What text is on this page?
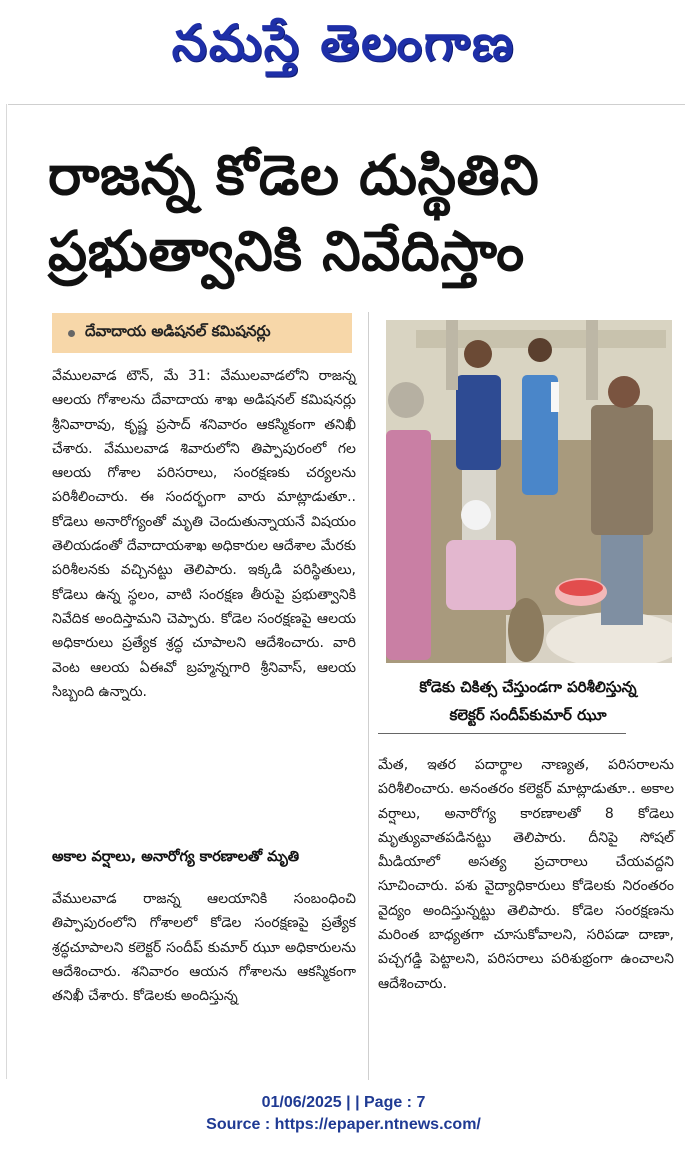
నమస్తే తెలంగాణ
రాజన్న కోడెల దుస్థితిని
ప్రభుత్వానికి నివేదిస్తాం
దేవాదాయ అడిషనల్ కమిషనర్లు

వేములవాడ టౌన్, మే 31: వేములవాడలోని రాజన్న ఆలయ గోశాలను దేవాదాయ శాఖ అడిషనల్ కమిషనర్లు శ్రీనివారావు, కృష్ణ ప్రసాద్ శనివారం ఆకస్మికంగా తనిఖీ చేశారు. వేములవాడ శివారులోని తిప్పాపురంలో గల ఆలయ గోశాల పరిసరాలు, సంరక్షణకు చర్యలను పరిశీలించారు. ఈ సందర్భంగా వారు మాట్లాడుతూ.. కోడెలు అనారోగ్యంతో మృతి చెందుతున్నాయనే విషయం తెలియడంతో దేవాదాయశాఖ అధికారుల ఆదేశాల మేరకు పరిశీలనకు వచ్చినట్టు తెలిపారు. ఇక్కడి పరిస్థితులు, కోడెలు ఉన్న స్థలం, వాటి సంరక్షణ తీరుపై ప్రభుత్వానికి నివేదిక అందిస్తామని చెప్పారు. కోడెల సంరక్షణపై ఆలయ అధికారులు ప్రత్యేక శ్రద్ధ చూపాలని ఆదేశించారు. వారి వెంట ఆలయ ఏఈవో బ్రహ్మన్నగారి శ్రీనివాస్, ఆలయ సిబ్బంది ఉన్నారు.

అకాల వర్షాలు, అనారోగ్య కారణాలతో మృతి

వేములవాడ రాజన్న ఆలయానికి సంబంధించి తిప్పాపురంలోని గోశాలలో కోడెల సంరక్షణపై ప్రత్యేక శ్రద్ధచూపాలని కలెక్టర్ సందీప్ కుమార్ ఝూ అధికారులను ఆదేశించారు. శనివారం ఆయన గోశాలను ఆకస్మికంగా తనిఖీ చేశారు. కోడెలకు అందిస్తున్న

కోడెకు చికిత్స చేస్తుండగా పరిశీలిస్తున్న
కలెక్టర్ సందీప్‌కుమార్ ఝూ

మేత, ఇతర పదార్థాల నాణ్యత, పరిసరాలను పరిశీలించారు. అనంతరం కలెక్టర్ మాట్లాడుతూ.. అకాల వర్షాలు, అనారోగ్య కారణాలతో 8 కోడెలు మృత్యువాతపడినట్టు తెలిపారు. దీనిపై సోషల్ మీడియాలో అసత్య ప్రచారాలు చేయవద్దని సూచించారు. పశు వైద్యాధికారులు కోడెలకు నిరంతరం వైద్యం అందిస్తున్నట్టు తెలిపారు. కోడెల సంరక్షణను మరింత బాధ్యతగా చూసుకోవాలని, సరిపడా దాణా, పచ్చగడ్డి పెట్టాలని, పరిసరాలు పరిశుభ్రంగా ఉంచాలని ఆదేశించారు.

01/06/2025 | | Page : 7
Source : https://epaper.ntnews.com/
